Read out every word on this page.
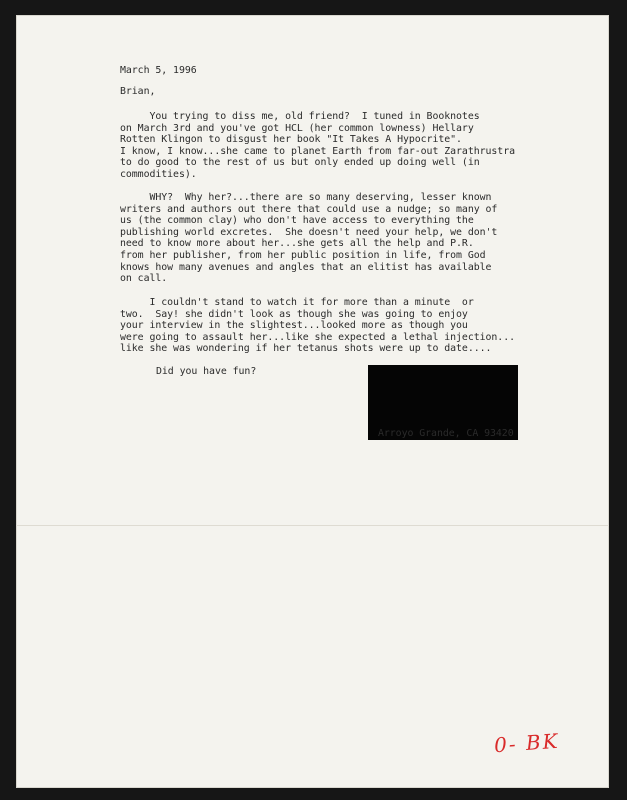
March 5, 1996
Brian,
You trying to diss me, old friend?  I tuned in Booknotes
on March 3rd and you've got HCL (her common lowness) Hellary
Rotten Klingon to disgust her book "It Takes A Hypocrite".
I know, I know...she came to planet Earth from far-out Zarathrustra
to do good to the rest of us but only ended up doing well (in
commodities).
WHY?  Why her?...there are so many deserving, lesser known
writers and authors out there that could use a nudge; so many of
us (the common clay) who don't have access to everything the
publishing world excretes.  She doesn't need your help, we don't
need to know more about her...she gets all the help and P.R.
from her publisher, from her public position in life, from God
knows how many avenues and angles that an elitist has available
on call.
I couldn't stand to watch it for more than a minute  or
two.  Say! she didn't look as though she was going to enjoy
your interview in the slightest...looked more as though you
were going to assault her...like she expected a lethal injection...
like she was wondering if her tetanus shots were up to date....
Did you have fun?
Arroyo Grande, CA 93420
0- BK
